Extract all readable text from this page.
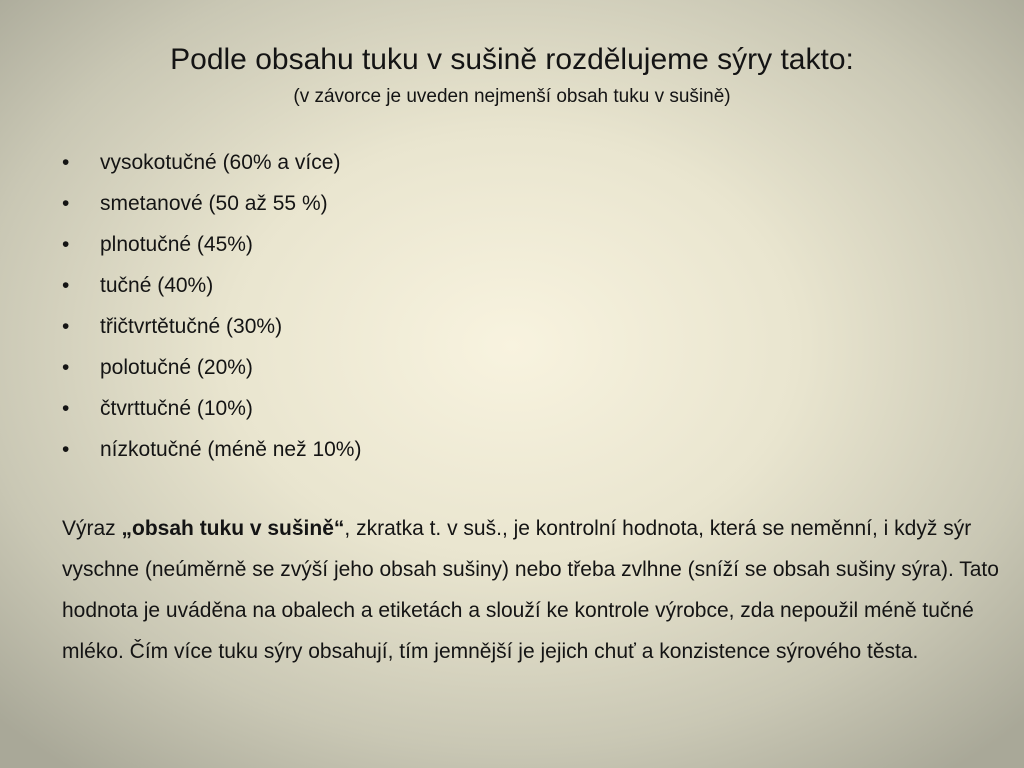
Podle obsahu tuku v sušině rozdělujeme sýry takto:
(v závorce je uveden nejmenší obsah tuku v sušině)
• vysokotučné (60% a více)
• smetanové (50 až 55 %)
• plnotučné (45%)
• tučné (40%)
• třičtvrtětučné (30%)
• polotučné (20%)
• čtvrttučné (10%)
• nízkotučné (méně než 10%)

Výraz „obsah tuku v sušině“, zkratka t. v suš., je kontrolní hodnota, která se neměnní, i když sýr vyschne (neúměrně se zvýší jeho obsah sušiny) nebo třeba zvlhne (sníží se obsah sušiny sýra). Tato hodnota je uváděna na obalech a etiketách a slouží ke kontrole výrobce, zda nepoužil méně tučné mléko. Čím více tuku sýry obsahují, tím jemnější je jejich chuť a konzistence sýrového těsta.
